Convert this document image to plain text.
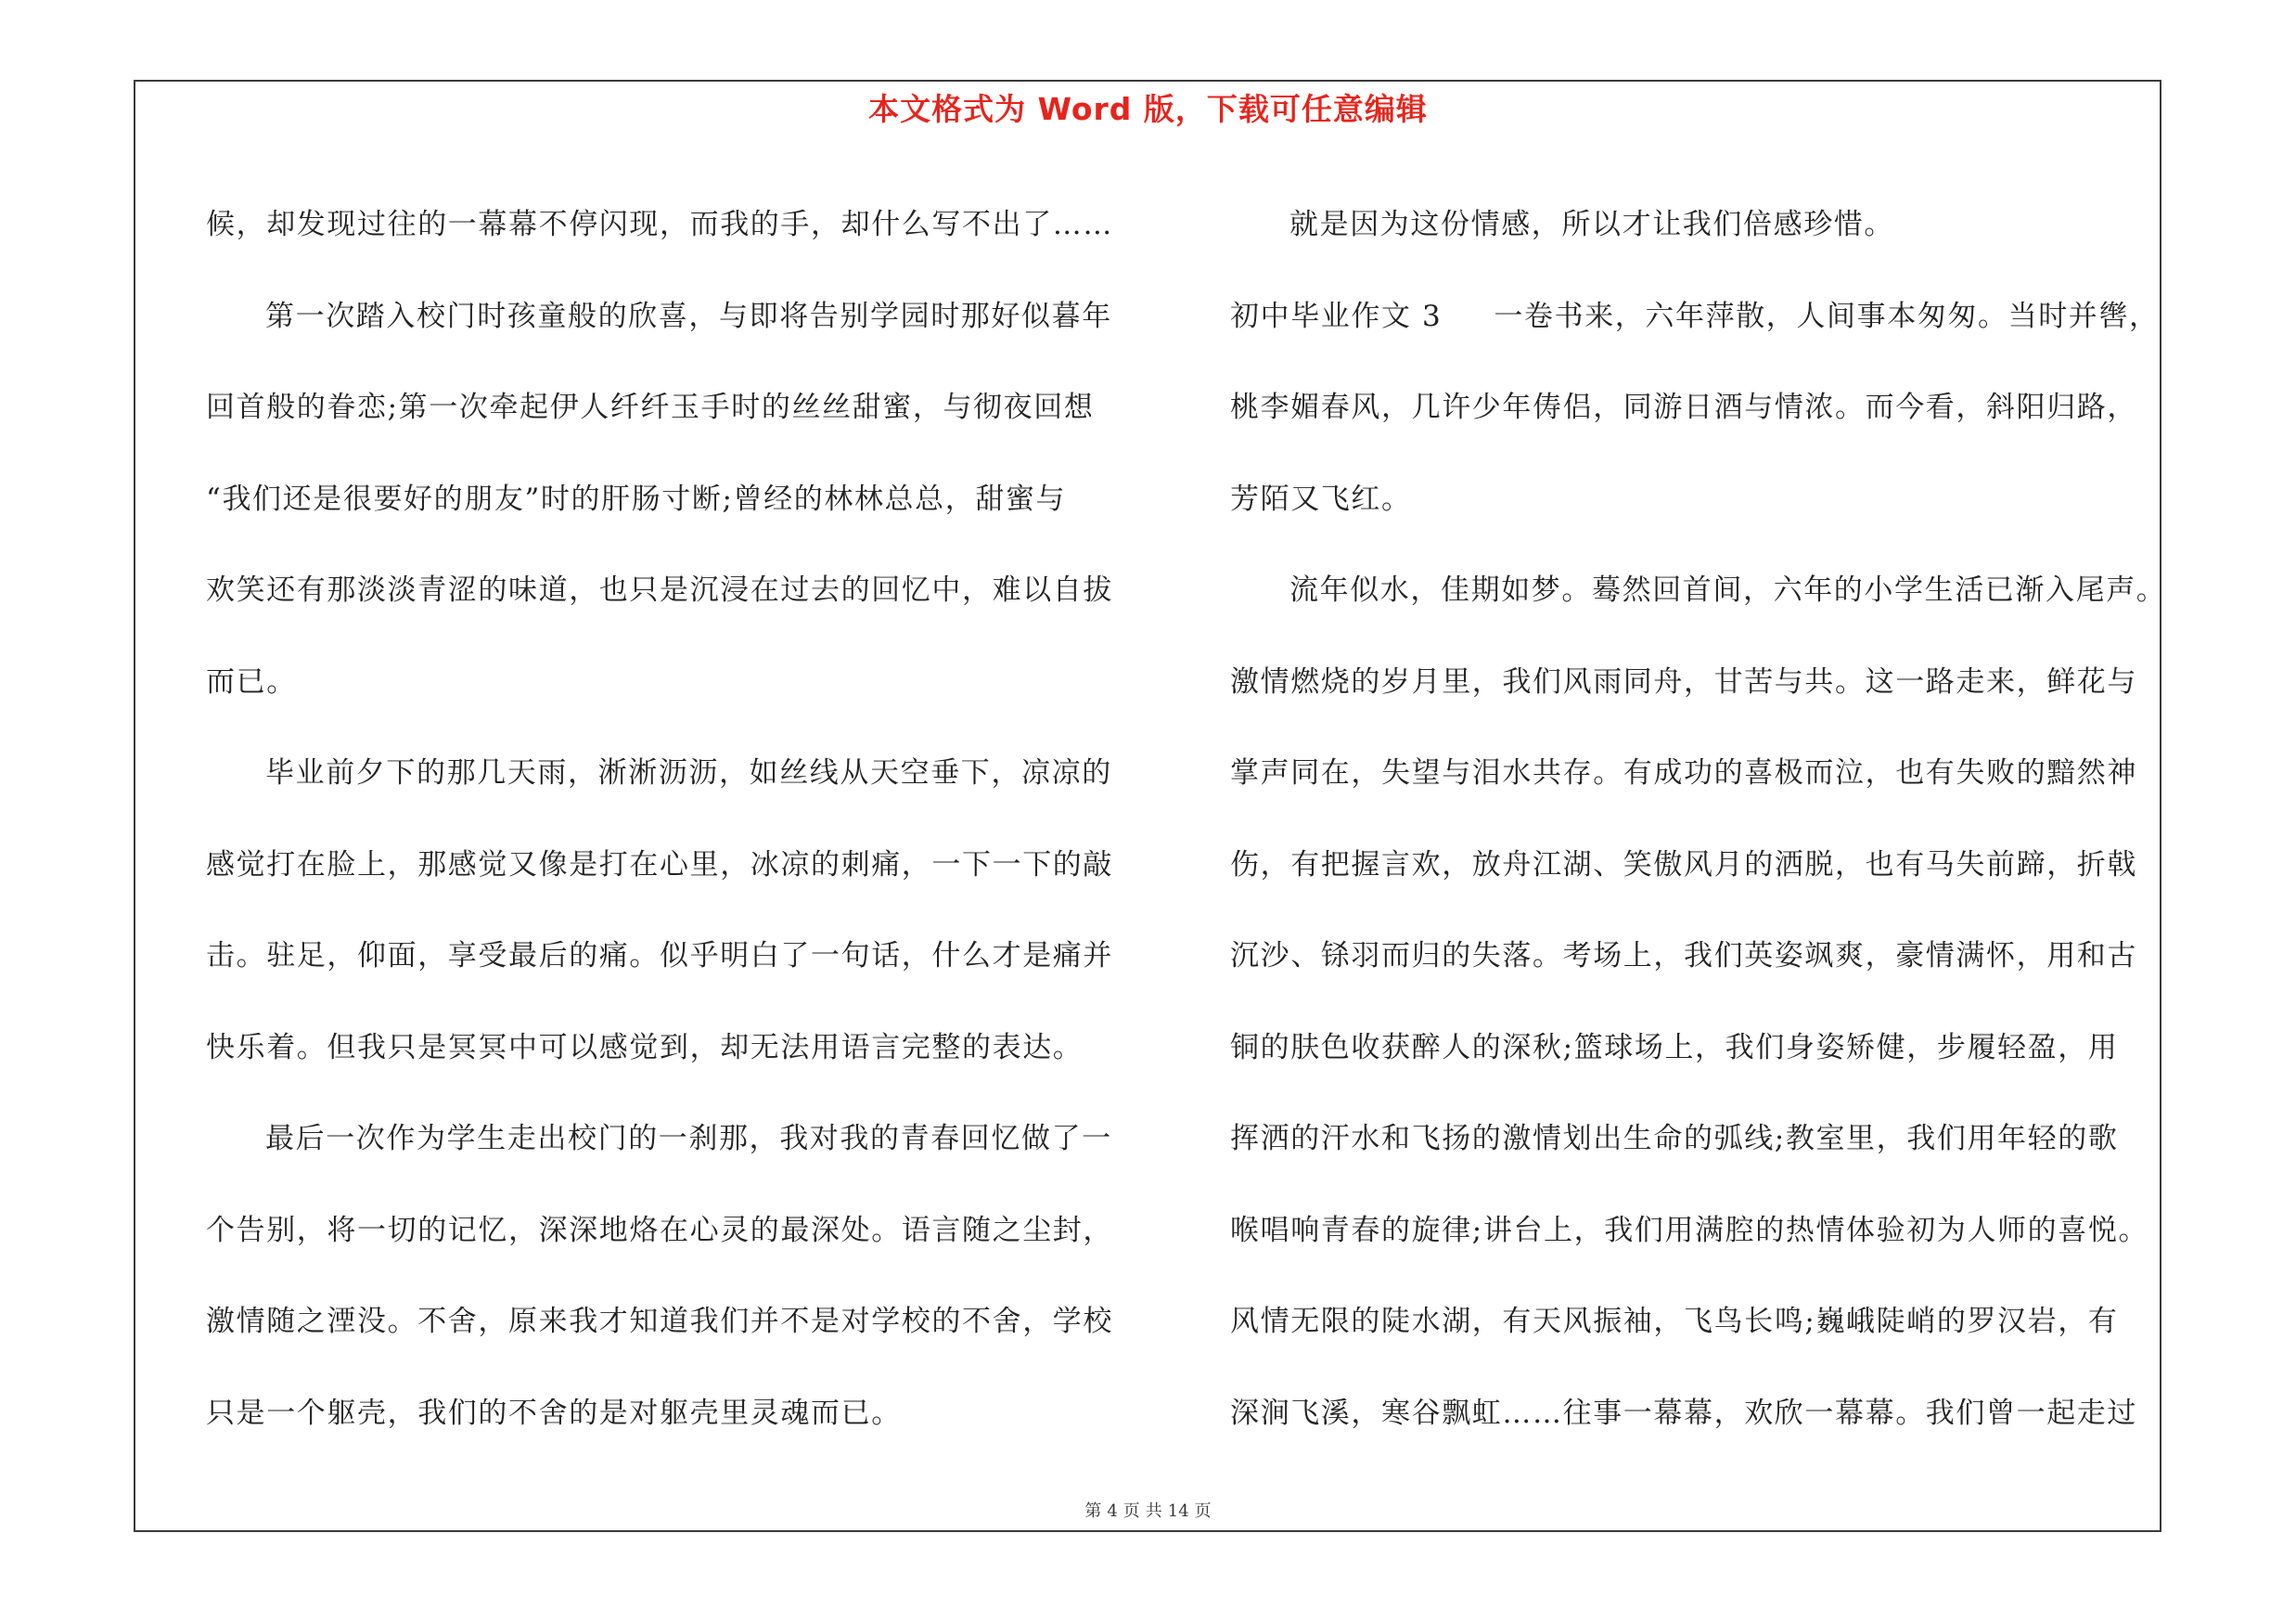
本文格式为 Word 版，下载可任意编辑
候，却发现过往的一幕幕不停闪现，而我的手，却什么写不出了……
第一次踏入校门时孩童般的欣喜，与即将告别学园时那好似暮年
回首般的眷恋;第一次牵起伊人纤纤玉手时的丝丝甜蜜，与彻夜回想
“我们还是很要好的朋友”时的肝肠寸断;曾经的林林总总，甜蜜与
欢笑还有那淡淡青涩的味道，也只是沉浸在过去的回忆中，难以自拔
而已。
毕业前夕下的那几天雨，淅淅沥沥，如丝线从天空垂下，凉凉的
感觉打在脸上，那感觉又像是打在心里，冰凉的刺痛，一下一下的敲
击。驻足，仰面，享受最后的痛。似乎明白了一句话，什么才是痛并
快乐着。但我只是冥冥中可以感觉到，却无法用语言完整的表达。
最后一次作为学生走出校门的一刹那，我对我的青春回忆做了一
个告别，将一切的记忆，深深地烙在心灵的最深处。语言随之尘封，
激情随之湮没。不舍，原来我才知道我们并不是对学校的不舍，学校
只是一个躯壳，我们的不舍的是对躯壳里灵魂而已。
就是因为这份情感，所以才让我们倍感珍惜。
初中毕业作文 3 一卷书来，六年萍散，人间事本匆匆。当时并辔，
桃李媚春风，几许少年俦侣，同游日酒与情浓。而今看，斜阳归路，
芳陌又飞红。
流年似水，佳期如梦。蓦然回首间，六年的小学生活已渐入尾声。
激情燃烧的岁月里，我们风雨同舟，甘苦与共。这一路走来，鲜花与
掌声同在，失望与泪水共存。有成功的喜极而泣，也有失败的黯然神
伤，有把握言欢，放舟江湖、笑傲风月的洒脱，也有马失前蹄，折戟
沉沙、铩羽而归的失落。考场上，我们英姿飒爽，豪情满怀，用和古
铜的肤色收获醉人的深秋;篮球场上，我们身姿矫健，步履轻盈，用
挥洒的汗水和飞扬的激情划出生命的弧线;教室里，我们用年轻的歌
喉唱响青春的旋律;讲台上，我们用满腔的热情体验初为人师的喜悦。
风情无限的陡水湖，有天风振袖，飞鸟长鸣;巍峨陡峭的罗汉岩，有
深涧飞溪，寒谷飘虹……往事一幕幕，欢欣一幕幕。我们曾一起走过
第 4 页 共 14 页
